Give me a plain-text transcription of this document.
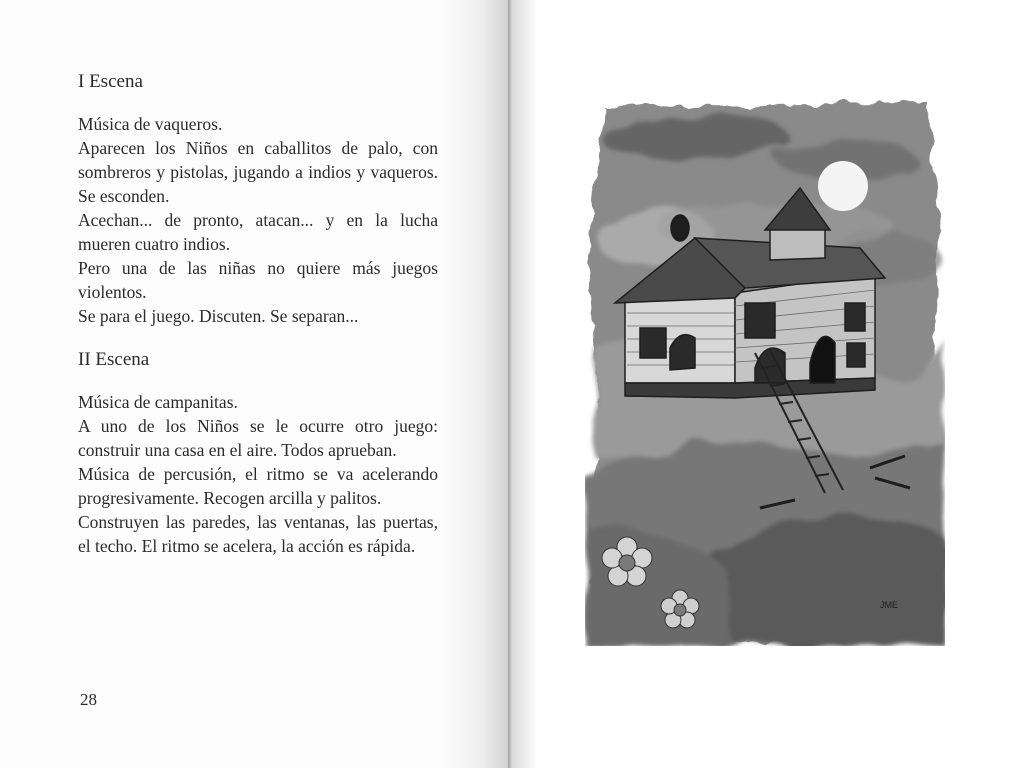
I Escena

Música de vaqueros.

Aparecen los Niños en caballitos de palo, con sombreros y pistolas, jugando a indios y vaqueros. Se esconden.

Acechan... de pronto, atacan... y en la lucha mueren cuatro indios.

Pero una de las niñas no quiere más juegos violentos.

Se para el juego. Discuten. Se separan...

II Escena

Música de campanitas.

A uno de los Niños se le ocurre otro juego: construir una casa en el aire. Todos aprueban.

Música de percusión, el ritmo se va acelerando progresivamente. Recogen arcilla y palitos.

Construyen las paredes, las ventanas, las puertas, el techo. El ritmo se acelera, la acción es rápida.

28
JME
